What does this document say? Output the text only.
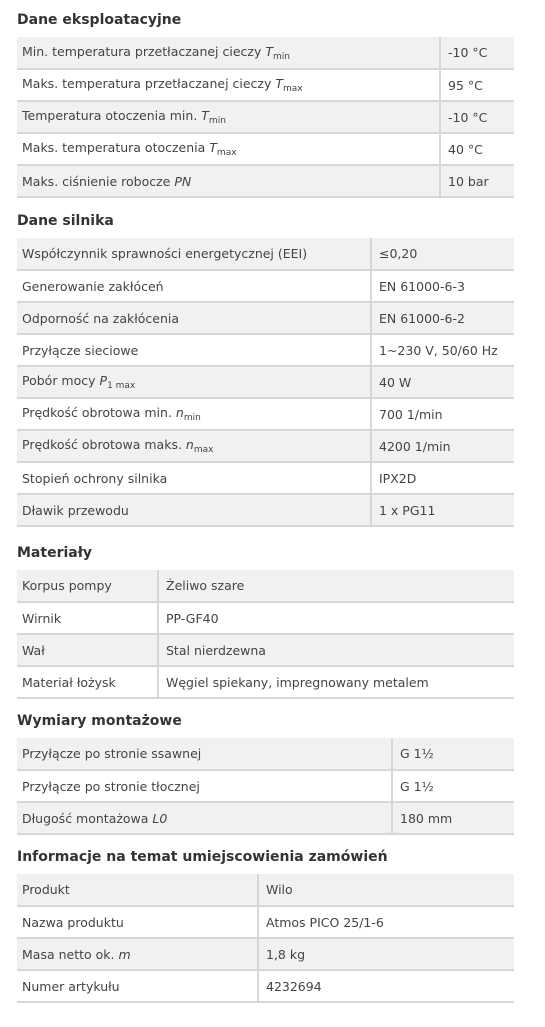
Dane eksploatacyjne
Min. temperatura przetłaczanej cieczy $T_{min}$	-10 °C
Maks. temperatura przetłaczanej cieczy $T_{max}$	95 °C
Temperatura otoczenia min. $T_{min}$	-10 °C
Maks. temperatura otoczenia $T_{max}$	40 °C
Maks. ciśnienie robocze PN	10 bar
Dane silnika
Współczynnik sprawności energetycznej (EEI)	≤0,20
Generowanie zakłóceń	EN 61000-6-3
Odporność na zakłócenia	EN 61000-6-2
Przyłącze sieciowe	1~230 V, 50/60 Hz
Pobór mocy $P_{1 max}$	40 W
Prędkość obrotowa min. $n_{min}$	700 1/min
Prędkość obrotowa maks. $n_{max}$	4200 1/min
Stopień ochrony silnika	IPX2D
Dławik przewodu	1 x PG11
Materiały
Korpus pompy	Żeliwo szare
Wirnik	PP-GF40
Wał	Stal nierdzewna
Materiał łożysk	Węgiel spiekany, impregnowany metalem
Wymiary montażowe
Przyłącze po stronie ssawnej	G 1½
Przyłącze po stronie tłocznej	G 1½
Długość montażowa L0	180 mm
Informacje na temat umiejscowienia zamówień
Produkt	Wilo
Nazwa produktu	Atmos PICO 25/1-6
Masa netto ok. m	1,8 kg
Numer artykułu	4232694
